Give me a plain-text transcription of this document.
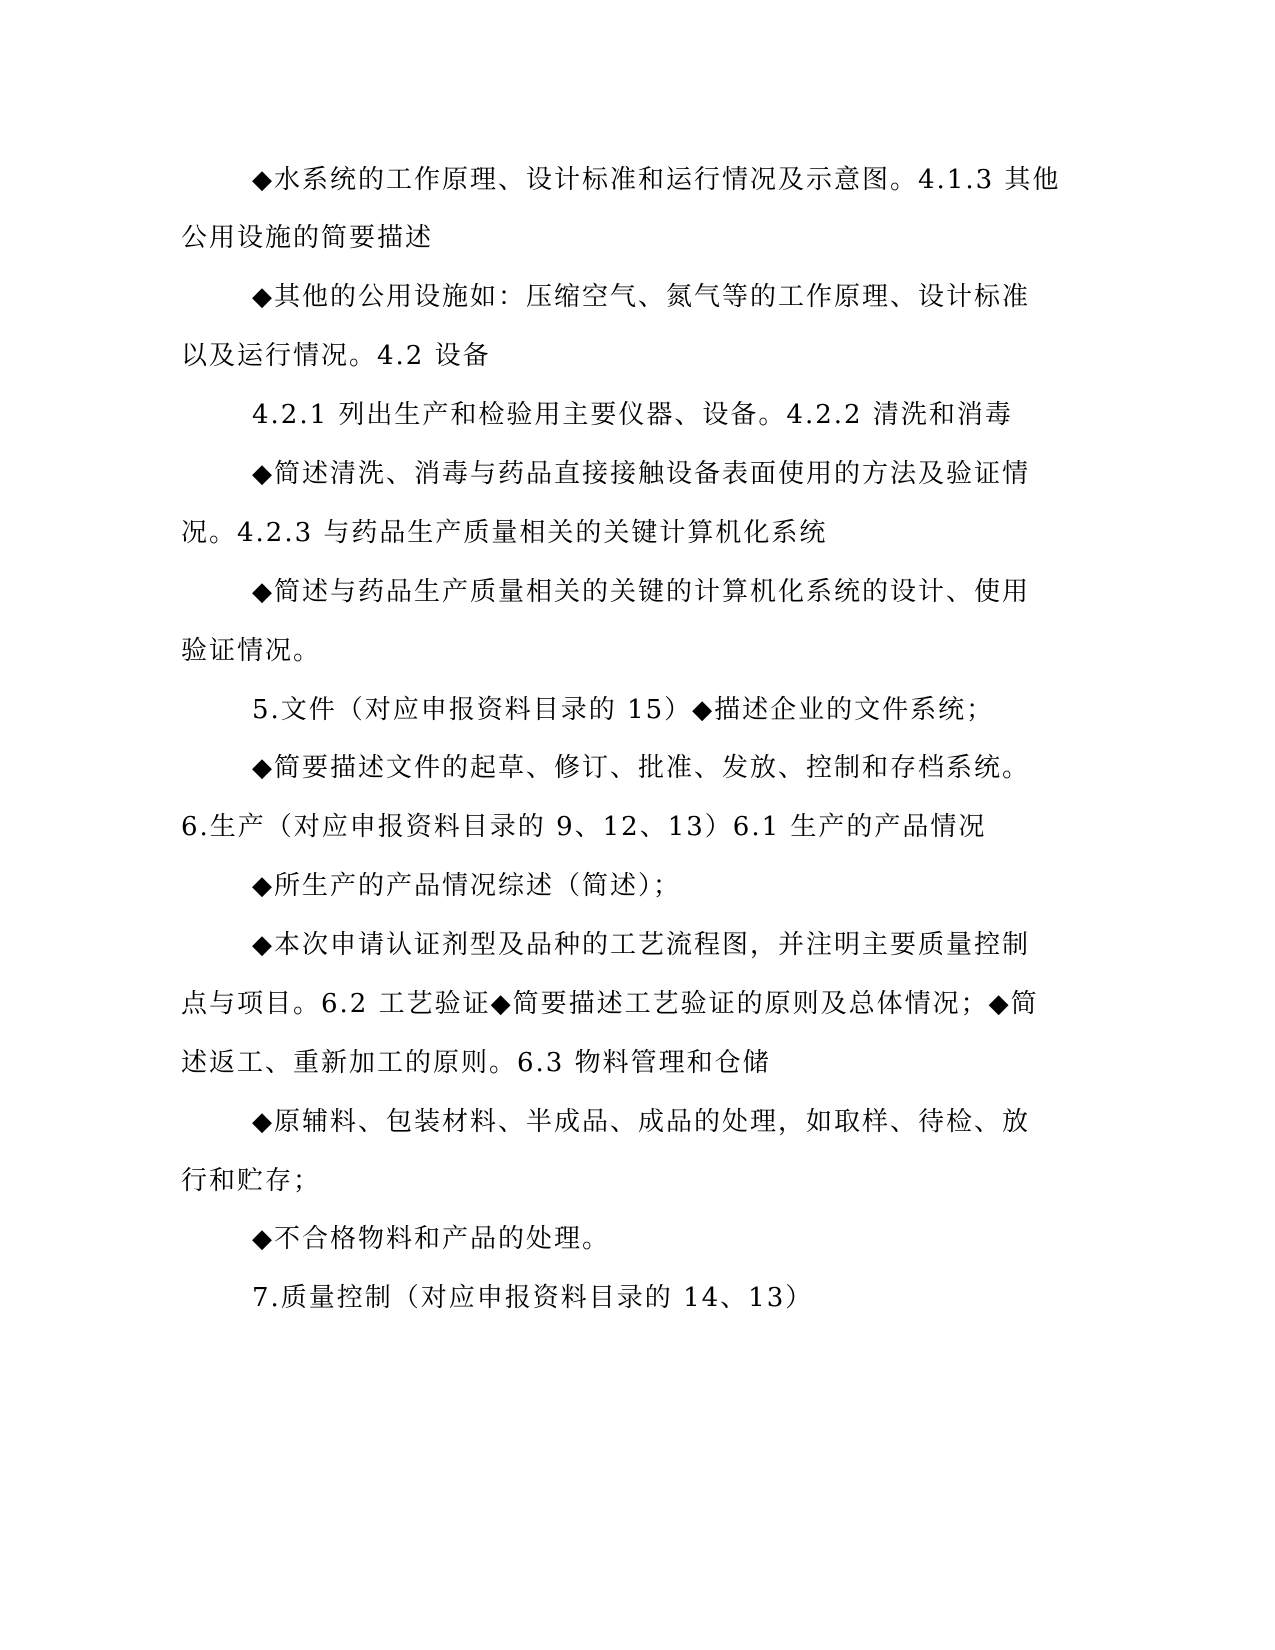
◆水系统的工作原理、设计标准和运行情况及示意图。4.1.3 其他

公用设施的简要描述

◆其他的公用设施如：压缩空气、氮气等的工作原理、设计标准

以及运行情况。4.2 设备

4.2.1 列出生产和检验用主要仪器、设备。4.2.2 清洗和消毒

◆简述清洗、消毒与药品直接接触设备表面使用的方法及验证情

况。4.2.3 与药品生产质量相关的关键计算机化系统

◆简述与药品生产质量相关的关键的计算机化系统的设计、使用

验证情况。

5.文件（对应申报资料目录的 15）◆描述企业的文件系统；

◆简要描述文件的起草、修订、批准、发放、控制和存档系统。

6.生产（对应申报资料目录的 9、12、13）6.1 生产的产品情况

◆所生产的产品情况综述（简述）；

◆本次申请认证剂型及品种的工艺流程图，并注明主要质量控制

点与项目。6.2 工艺验证◆简要描述工艺验证的原则及总体情况；◆简

述返工、重新加工的原则。6.3 物料管理和仓储

◆原辅料、包装材料、半成品、成品的处理，如取样、待检、放

行和贮存；

◆不合格物料和产品的处理。

7.质量控制（对应申报资料目录的 14、13）
